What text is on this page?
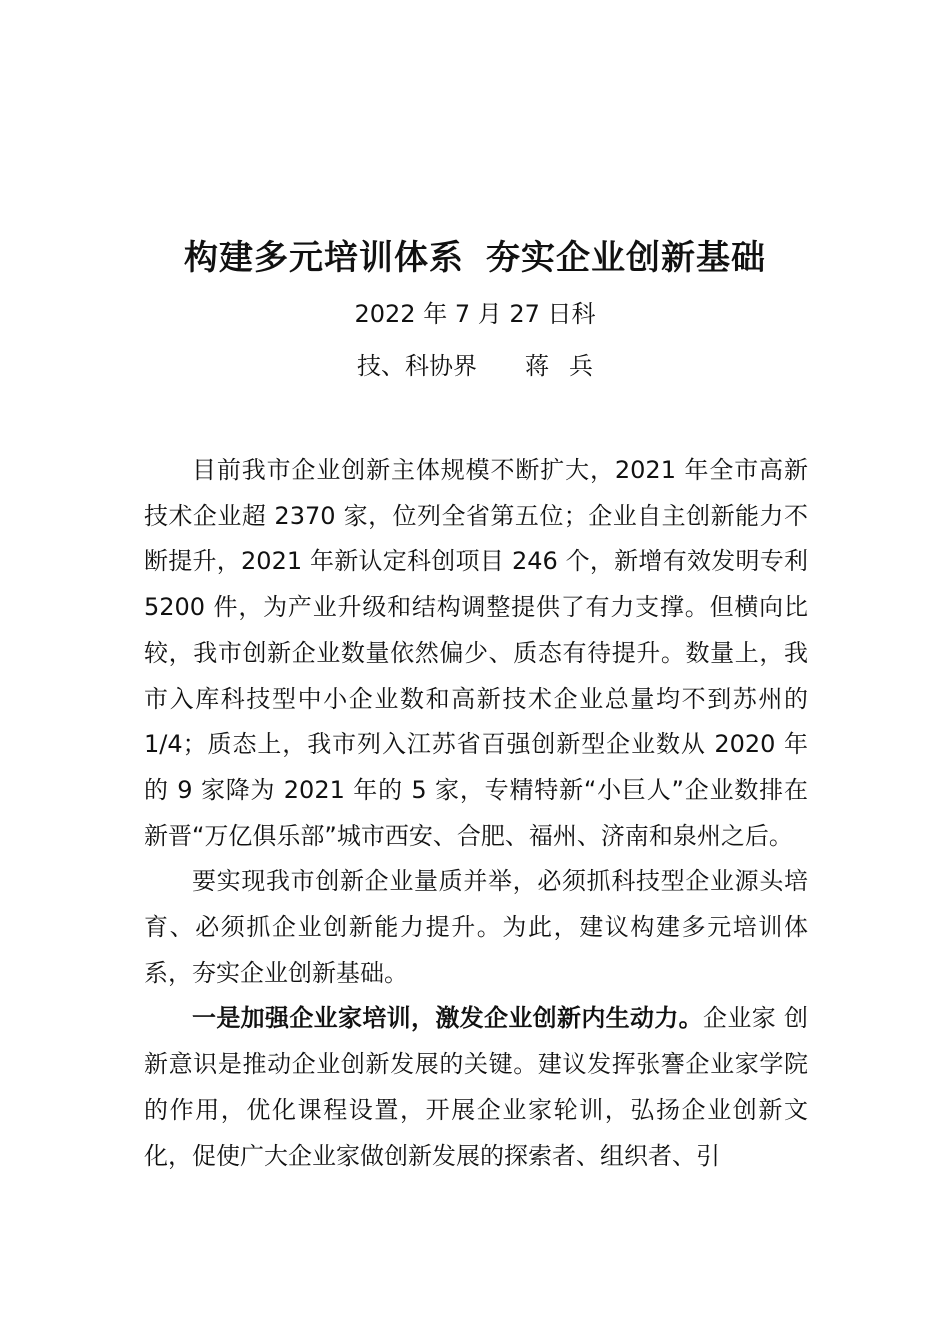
构建多元培训体系 夯实企业创新基础
2022 年 7 月 27 日科
技、科协界 蒋 兵

目前我市企业创新主体规模不断扩大，2021 年全市高新技术企业超 2370 家，位列全省第五位；企业自主创新能力不断提升，2021 年新认定科创项目 246 个，新增有效发明专利 5200 件，为产业升级和结构调整提供了有力支撑。但横向比较，我市创新企业数量依然偏少、质态有待提升。数量上，我市入库科技型中小企业数和高新技术企业总量均不到苏州的 1/4；质态上，我市列入江苏省百强创新型企业数从 2020 年的 9 家降为 2021 年的 5 家，专精特新“小巨人”企业数排在新晋“万亿俱乐部”城市西安、合肥、福州、济南和泉州之后。

要实现我市创新企业量质并举，必须抓科技型企业源头培育、必须抓企业创新能力提升。为此，建议构建多元培训体系，夯实企业创新基础。

一是加强企业家培训，激发企业创新内生动力。企业家 创新意识是推动企业创新发展的关键。建议发挥张謇企业家学院的作用，优化课程设置，开展企业家轮训，弘扬企业创新文化，促使广大企业家做创新发展的探索者、组织者、引
